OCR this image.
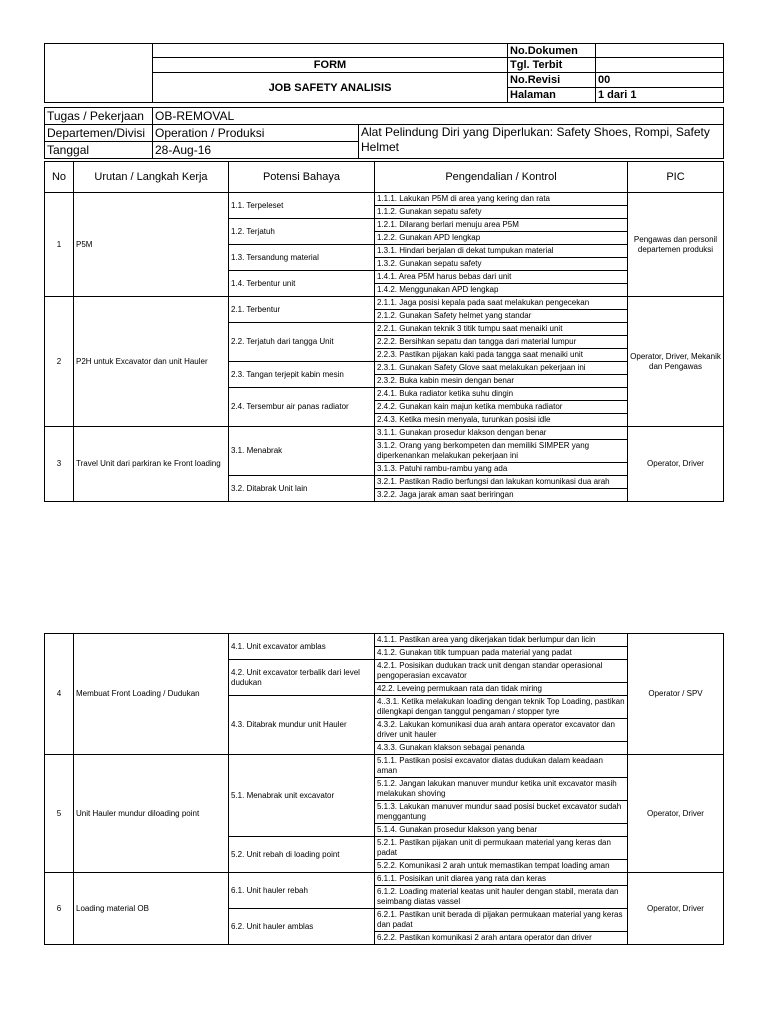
		No.Dokumen	
	FORM	Tgl. Terbit	
	JOB SAFETY ANALISIS	No.Revisi	00
		Halaman	1 dari 1
Tugas / Pekerjaan	OB-REMOVAL	
Departemen/Divisi	Operation / Produksi	Alat Pelindung Diri yang Diperlukan: Safety Shoes, Rompi, Safety Helmet
Tanggal	28-Aug-16	
No	Urutan / Langkah Kerja	Potensi Bahaya	Pengendalian / Kontrol	PIC
1	P5M	1.1. Terpeleset	1.1.1. Lakukan P5M di area yang kering dan rata	Pengawas dan personil departemen produksi
			1.1.2. Gunakan sepatu safety	
		1.2. Terjatuh	1.2.1. Dilarang berlari menuju area P5M	
			1.2.2. Gunakan APD lengkap	
		1.3. Tersandung material	1.3.1. Hindari berjalan di dekat tumpukan material	
			1.3.2. Gunakan sepatu safety	
		1.4. Terbentur unit	1.4.1. Area P5M harus bebas dari unit	
			1.4.2. Menggunakan APD lengkap	
2	P2H untuk Excavator dan unit Hauler	2.1. Terbentur	2.1.1. Jaga posisi kepala pada saat melakukan pengecekan	Operator, Driver, Mekanik dan Pengawas
			2.1.2. Gunakan Safety helmet yang standar	
		2.2. Terjatuh dari tangga Unit	2.2.1. Gunakan teknik 3 titik tumpu saat menaiki unit	
			2.2.2. Bersihkan sepatu dan tangga dari material lumpur	
			2.2.3. Pastikan pijakan kaki pada tangga saat menaiki unit	
		2.3. Tangan terjepit kabin mesin	2.3.1. Gunakan Safety Glove saat melakukan pekerjaan ini	
			2.3.2. Buka kabin mesin dengan benar	
		2.4. Tersembur air panas radiator	2.4.1. Buka radiator ketika suhu dingin	
			2.4.2. Gunakan kain majun ketika membuka radiator	
			2.4.3. Ketika mesin menyala, turunkan posisi idle	
3	Travel Unit dari parkiran ke Front loading	3.1. Menabrak	3.1.1. Gunakan prosedur klakson dengan benar	Operator, Driver
			3.1.2. Orang yang berkompeten dan memiliki SIMPER yang diperkenankan melakukan pekerjaan ini	
			3.1.3. Patuhi rambu-rambu yang ada	
		3.2. Ditabrak Unit lain	3.2.1. Pastikan Radio berfungsi dan lakukan komunikasi dua arah	
			3.2.2. Jaga jarak aman saat beriringan	
4	Membuat Front Loading / Dudukan	4.1. Unit excavator amblas	4.1.1. Pastikan area yang dikerjakan tidak berlumpur dan licin	Operator / SPV
			4.1.2. Gunakan titik tumpuan pada material yang padat	
		4.2. Unit excavator terbalik dari level dudukan	4.2.1. Posisikan dudukan track unit dengan standar operasional pengoperasian excavator	
			42.2. Leveing permukaan rata dan tidak miring	
		4.3. Ditabrak mundur unit Hauler	4..3.1. Ketika melakukan loading dengan teknik Top Loading, pastikan dilengkapi dengan tanggul pengaman / stopper tyre	
			4.3.2. Lakukan komunikasi dua arah antara operator excavator dan driver unit hauler	
			4.3.3. Gunakan klakson sebagai penanda	
5	Unit Hauler mundur diloading point	5.1. Menabrak unit excavator	5.1.1. Pastikan posisi excavator diatas dudukan dalam keadaan aman	Operator, Driver
			5.1.2. Jangan lakukan manuver mundur ketika unit excavator masih melakukan shoving	
			5.1.3. Lakukan manuver mundur saad posisi bucket excavator sudah menggantung	
			5.1.4. Gunakan prosedur klakson yang benar	
		5.2. Unit rebah di loading point	5.2.1. Pastikan pijakan unit di permukaan material yang keras dan padat	
			5.2.2. Komunikasi 2 arah untuk memastikan tempat loading aman	
6	Loading material OB	6.1. Unit hauler rebah	6.1.1. Posisikan unit diarea yang rata dan keras	Operator, Driver
			6.1.2. Loading material keatas unit hauler dengan stabil, merata dan seimbang diatas vassel	
		6.2. Unit hauler amblas	6.2.1. Pastikan unit berada di pijakan permukaan material yang keras dan padat	
			6.2.2. Pastikan komunikasi 2 arah antara operator dan driver	
